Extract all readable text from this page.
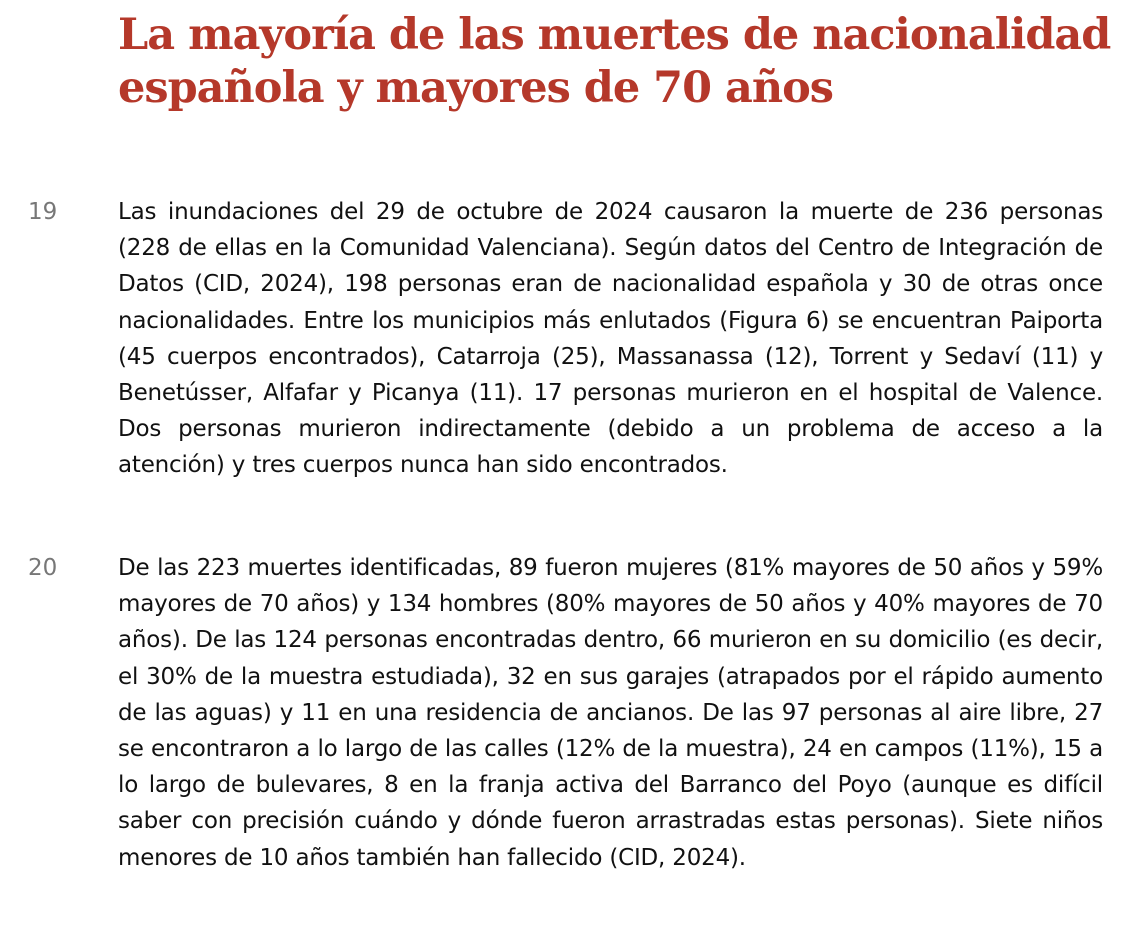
La mayoría de las muertes de nacionalidad española y mayores de 70 años
19	Las inundaciones del 29 de octubre de 2024 causaron la muerte de 236 personas (228 de ellas en la Comunidad Valenciana). Según datos del Centro de Integración de Datos (CID, 2024), 198 personas eran de nacionalidad española y 30 de otras once nacionalidades. Entre los municipios más enlutados (Figura 6) se encuentran Paiporta (45 cuerpos encontrados), Catarroja (25), Massanassa (12), Torrent y Sedaví (11) y Benetússer, Alfafar y Picanya (11). 17 personas murieron en el hospital de Valence. Dos personas murieron indirectamente (debido a un problema de acceso a la atención) y tres cuerpos nunca han sido encontrados.

20	De las 223 muertes identificadas, 89 fueron mujeres (81% mayores de 50 años y 59% mayores de 70 años) y 134 hombres (80% mayores de 50 años y 40% mayores de 70 años). De las 124 personas encontradas dentro, 66 murieron en su domicilio (es decir, el 30% de la muestra estudiada), 32 en sus garajes (atrapados por el rápido aumento de las aguas) y 11 en una residencia de ancianos. De las 97 personas al aire libre, 27 se encontraron a lo largo de las calles (12% de la muestra), 24 en campos (11%), 15 a lo largo de bulevares, 8 en la franja activa del Barranco del Poyo (aunque es difícil saber con precisión cuándo y dónde fueron arrastradas estas personas). Siete niños menores de 10 años también han fallecido (CID, 2024).
